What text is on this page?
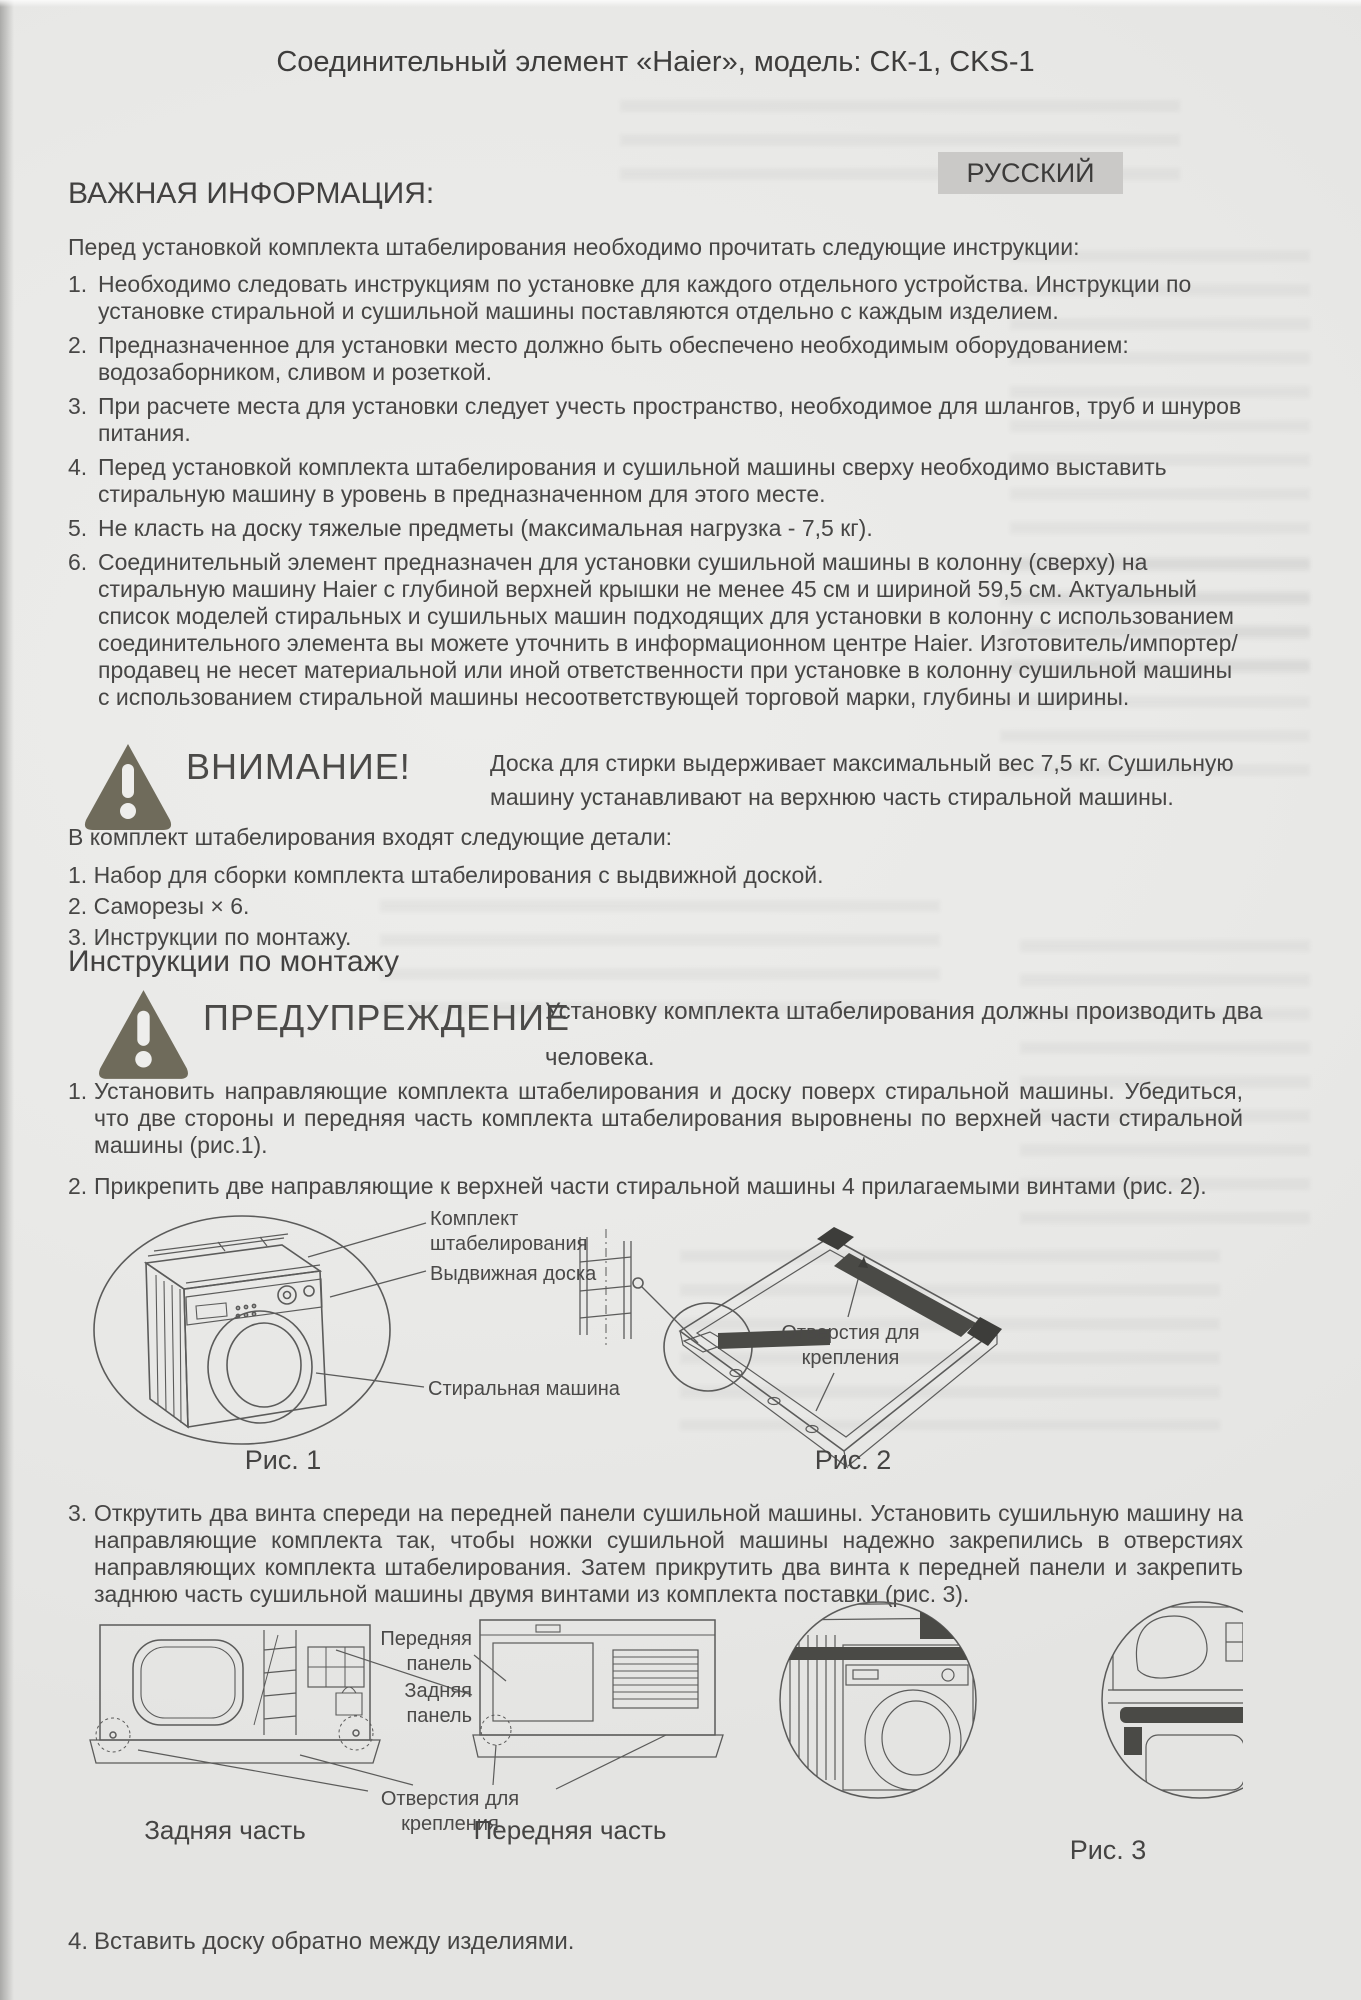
РУССКИЙ
Соединительный элемент «Haier», модель: СК-1, CKS-1
ВАЖНАЯ ИНФОРМАЦИЯ:
Перед установкой комплекта штабелирования необходимо прочитать следующие инструкции:
1. Необходимо следовать инструкциям по установке для каждого отдельного устройства. Инструкции по установке стиральной и сушильной машины поставляются отдельно с каждым изделием.
2. Предназначенное для установки место должно быть обеспечено необходимым оборудованием: водозаборником, сливом и розеткой.
3. При расчете места для установки следует учесть пространство, необходимое для шлангов, труб и шнуров питания.
4. Перед установкой комплекта штабелирования и сушильной машины сверху необходимо выставить стиральную машину в уровень в предназначенном для этого месте.
5. Не класть на доску тяжелые предметы (максимальная нагрузка - 7,5 кг).
6. Соединительный элемент предназначен для установки сушильной машины в колонну (сверху) на стиральную машину Haier с глубиной верхней крышки не менее 45 см и шириной 59,5 см. Актуальный список моделей стиральных и сушильных машин подходящих для установки в колонну с использованием соединительного элемента вы можете уточнить в информационном центре Haier. Изготовитель/импортер/продавец не несет материальной или иной ответственности при установке в колонну сушильной машины с использованием стиральной машины несоответствующей торговой марки, глубины и ширины.
ВНИМАНИЕ!	Доска для стирки выдерживает максимальный вес 7,5 кг. Сушильную машину устанавливают на верхнюю часть стиральной машины.
В комплект штабелирования входят следующие детали:
1. Набор для сборки комплекта штабелирования с выдвижной доской.
2. Саморезы × 6.
3. Инструкции по монтажу.
Инструкции по монтажу
ПРЕДУПРЕЖДЕНИЕ
Установку комплекта штабелирования должны производить два человека.
1. Установить направляющие комплекта штабелирования и доску поверх стиральной машины. Убедиться, что две стороны и передняя часть комплекта штабелирования выровнены по верхней части стиральной машины (рис.1).
2. Прикрепить две направляющие к верхней части стиральной машины 4 прилагаемыми винтами (рис. 2).
Комплект штабелирования
Выдвижная доска
Стиральная машина
Отверстия для крепления
Рис. 1	Рис. 2
3. Открутить два винта спереди на передней панели сушильной машины. Установить сушильную машину на направляющие комплекта так, чтобы ножки сушильной машины надежно закрепились в отверстиях направляющих комплекта штабелирования. Затем прикрутить два винта к передней панели и закрепить заднюю часть сушильной машины двумя винтами из комплекта поставки (рис. 3).
Передняя панель
Задняя панель
Отверстия для крепления
Задняя часть	Передняя часть
Рис. 3
4. Вставить доску обратно между изделиями.
